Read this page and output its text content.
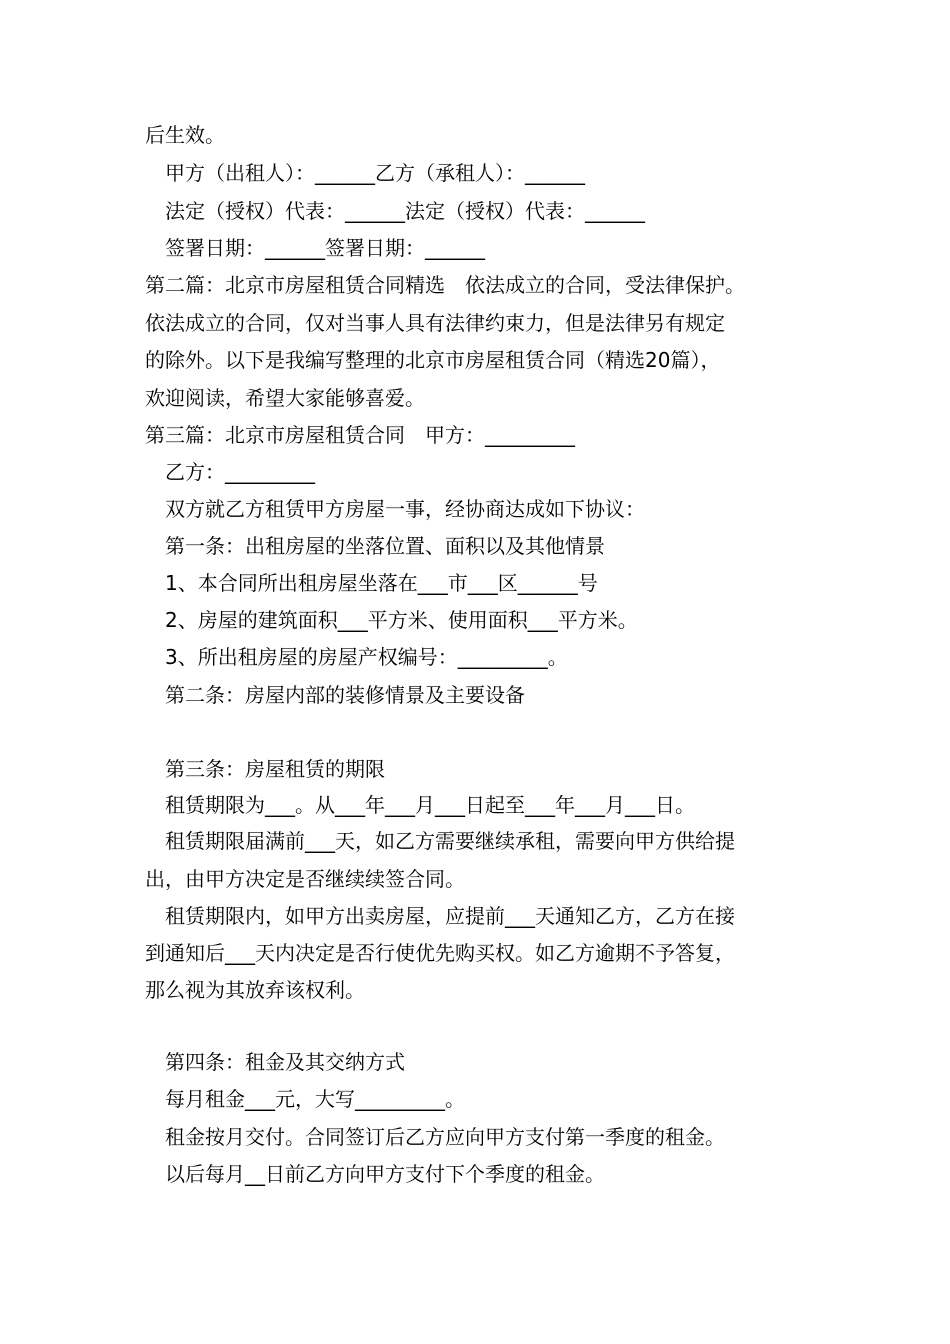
后生效。

甲方（出租人）：______乙方（承租人）：______

法定（授权）代表：______法定（授权）代表：______

签署日期：______签署日期：______

第二篇：北京市房屋租赁合同精选　依法成立的合同，受法律保护。

依法成立的合同，仅对当事人具有法律约束力，但是法律另有规定

的除外。以下是我编写整理的北京市房屋租赁合同（精选20篇），

欢迎阅读，希望大家能够喜爱。

第三篇：北京市房屋租赁合同　甲方：_________

乙方：_________

双方就乙方租赁甲方房屋一事，经协商达成如下协议：

第一条：出租房屋的坐落位置、面积以及其他情景

1、本合同所出租房屋坐落在___市___区______号

2、房屋的建筑面积___平方米、使用面积___平方米。

3、所出租房屋的房屋产权编号：_________。

第二条：房屋内部的装修情景及主要设备

第三条：房屋租赁的期限

租赁期限为___。从___年___月___日起至___年___月___日。

租赁期限届满前___天，如乙方需要继续承租，需要向甲方供给提

出，由甲方决定是否继续续签合同。

租赁期限内，如甲方出卖房屋，应提前___天通知乙方，乙方在接

到通知后___天内决定是否行使优先购买权。如乙方逾期不予答复，

那么视为其放弃该权利。

第四条：租金及其交纳方式

每月租金___元，大写_________。

租金按月交付。合同签订后乙方应向甲方支付第一季度的租金。

以后每月__日前乙方向甲方支付下个季度的租金。
